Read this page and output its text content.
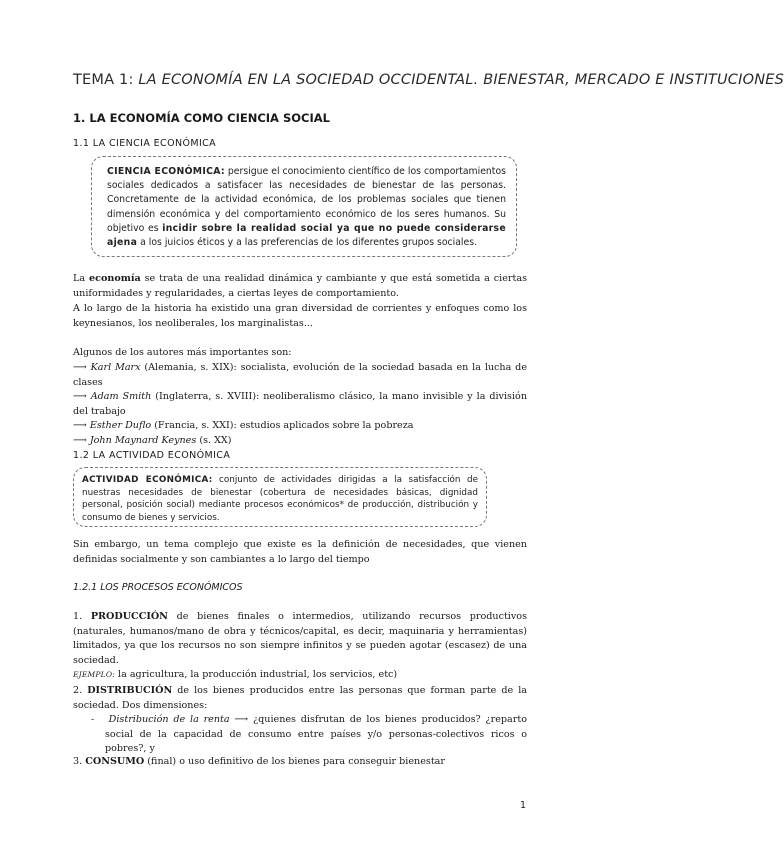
TEMA 1: LA ECONOMÍA EN LA SOCIEDAD OCCIDENTAL. BIENESTAR, MERCADO E INSTITUCIONES
1. LA ECONOMÍA COMO CIENCIA SOCIAL
1.1 LA CIENCIA ECONÓMICA
CIENCIA ECONÓMICA: persigue el conocimiento científico de los comportamientos sociales dedicados a satisfacer las necesidades de bienestar de las personas. Concretamente de la actividad económica, de los problemas sociales que tienen dimensión económica y del comportamiento económico de los seres humanos. Su objetivo es incidir sobre la realidad social ya que no puede considerarse ajena a los juicios éticos y a las preferencias de los diferentes grupos sociales.
La economía se trata de una realidad dinámica y cambiante y que está sometida a ciertas uniformidades y regularidades, a ciertas leyes de comportamiento.
A lo largo de la historia ha existido una gran diversidad de corrientes y enfoques como los keynesianos, los neoliberales, los marginalistas...
Algunos de los autores más importantes son:
⟶ Karl Marx (Alemania, s. XIX): socialista, evolución de la sociedad basada en la lucha de clases
⟶ Adam Smith (Inglaterra, s. XVIII): neoliberalismo clásico, la mano invisible y la división del trabajo
⟶ Esther Duflo (Francia, s. XXI): estudios aplicados sobre la pobreza
⟶ John Maynard Keynes (s. XX)
1.2 LA ACTIVIDAD ECONÓMICA
ACTIVIDAD ECONÓMICA: conjunto de actividades dirigidas a la satisfacción de nuestras necesidades de bienestar (cobertura de necesidades básicas, dignidad personal, posición social) mediante procesos económicos* de producción, distribución y consumo de bienes y servicios.
Sin embargo, un tema complejo que existe es la definición de necesidades, que vienen definidas socialmente y son cambiantes a lo largo del tiempo
1.2.1 LOS PROCESOS ECONÓMICOS
1. PRODUCCIÓN de bienes finales o intermedios, utilizando recursos productivos (naturales, humanos/mano de obra y técnicos/capital, es decir, maquinaria y herramientas) limitados, ya que los recursos no son siempre infinitos y se pueden agotar (escasez) de una sociedad.
EJEMPLO: la agricultura, la producción industrial, los servicios, etc)
2. DISTRIBUCIÓN de los bienes producidos entre las personas que forman parte de la sociedad. Dos dimensiones:
- Distribución de la renta ⟶ ¿quienes disfrutan de los bienes producidos? ¿reparto social de la capacidad de consumo entre países y/o personas-colectivos ricos o pobres?, y
3. CONSUMO (final) o uso definitivo de los bienes para conseguir bienestar
1
